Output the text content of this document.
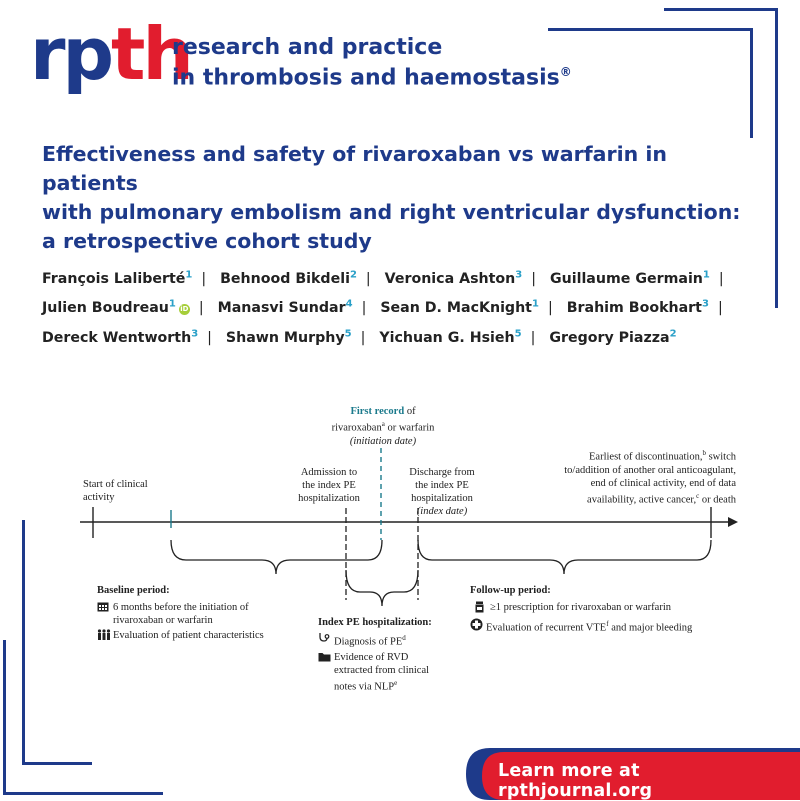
rpth
research and practice
in thrombosis and haemostasis®
Effectiveness and safety of rivaroxaban vs warfarin in patients
with pulmonary embolism and right ventricular dysfunction:
a retrospective cohort study
François Laliberté$^1$ | Behnood Bikdeli$^2$ | Veronica Ashton$^3$ | Guillaume Germain$^1$ |
Julien Boudreau$^1$ iD | Manasvi Sundar$^4$ | Sean D. MacKnight$^1$ | Brahim Bookhart$^3$ |
Dereck Wentworth$^3$ | Shawn Murphy$^5$ | Yichuan G. Hsieh$^5$ | Gregory Piazza$^2$
First record of
rivaroxaban$^a$ or warfarin
(initiation date)
Start of clinical
activity
Admission to
the index PE
hospitalization
Discharge from
the index PE
hospitalization
(index date)
Earliest of discontinuation,$^b$ switch
to/addition of another oral anticoagulant,
end of clinical activity, end of data
availability, active cancer,$^c$ or death
Baseline period:
6 months before the initiation of
rivaroxaban or warfarin
Evaluation of patient characteristics
Index PE hospitalization:
Diagnosis of $PE^d$
Evidence of RVD
extracted from clinical
notes via NLP$^e$
Follow-up period:
≥1 prescription for rivaroxaban or warfarin
Evaluation of recurrent VTE$^f$ and major bleeding
Learn more at rpthjournal.org
